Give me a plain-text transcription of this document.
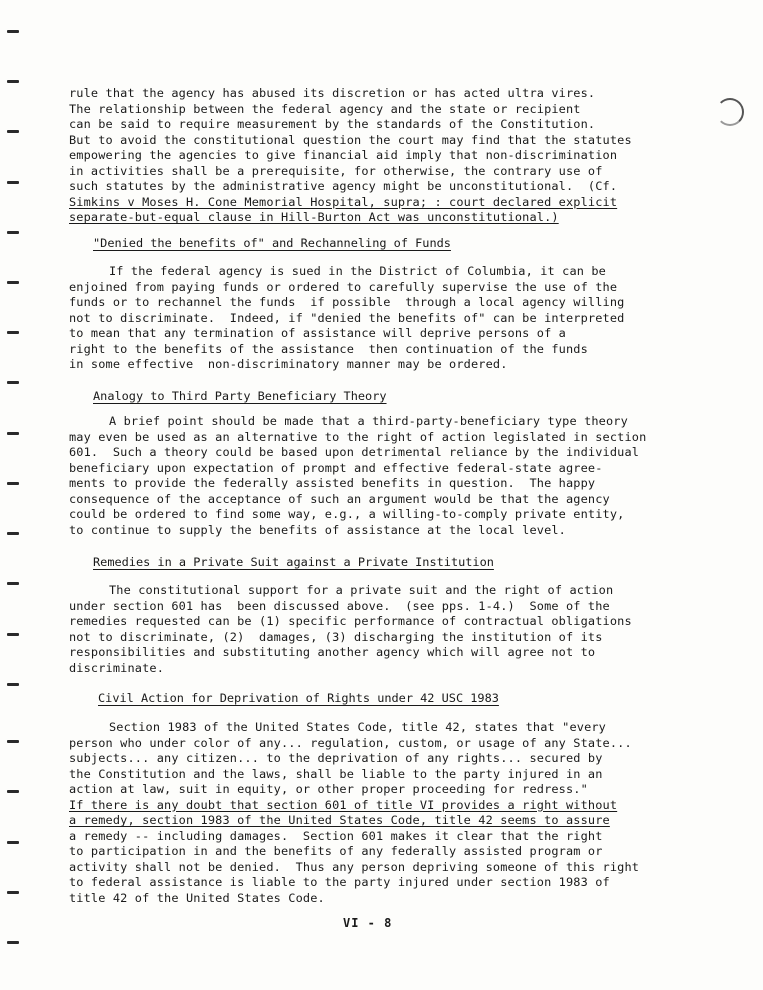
rule that the agency has abused its discretion or has acted ultra vires.

The relationship between the federal agency and the state or recipient

can be said to require measurement by the standards of the Constitution.

But to avoid the constitutional question the court may find that the statutes

empowering the agencies to give financial aid imply that non-discrimination

in activities shall be a prerequisite, for otherwise, the contrary use of

such statutes by the administrative agency might be unconstitutional.  (Cf.

Simkins v Moses H. Cone Memorial Hospital, supra; : court declared explicit

separate-but-equal clause in Hill-Burton Act was unconstitutional.)

"Denied the benefits of" and Rechanneling of Funds

If the federal agency is sued in the District of Columbia, it can be

enjoined from paying funds or ordered to carefully supervise the use of the

funds or to rechannel the funds  if possible  through a local agency willing

not to discriminate.  Indeed, if "denied the benefits of" can be interpreted

to mean that any termination of assistance will deprive persons of a

right to the benefits of the assistance  then continuation of the funds

in some effective  non-discriminatory manner may be ordered.

Analogy to Third Party Beneficiary Theory

A brief point should be made that a third-party-beneficiary type theory

may even be used as an alternative to the right of action legislated in section

601.  Such a theory could be based upon detrimental reliance by the individual

beneficiary upon expectation of prompt and effective federal-state agree-

ments to provide the federally assisted benefits in question.  The happy

consequence of the acceptance of such an argument would be that the agency

could be ordered to find some way, e.g., a willing-to-comply private entity,

to continue to supply the benefits of assistance at the local level.

Remedies in a Private Suit against a Private Institution

The constitutional support for a private suit and the right of action

under section 601 has  been discussed above.  (see pps. 1-4.)  Some of the

remedies requested can be (1) specific performance of contractual obligations

not to discriminate, (2)  damages, (3) discharging the institution of its

responsibilities and substituting another agency which will agree not to

discriminate.

Civil Action for Deprivation of Rights under 42 USC 1983

Section 1983 of the United States Code, title 42, states that "every

person who under color of any... regulation, custom, or usage of any State...

subjects... any citizen... to the deprivation of any rights... secured by

the Constitution and the laws, shall be liable to the party injured in an

action at law, suit in equity, or other proper proceeding for redress."

If there is any doubt that section 601 of title VI provides a right without

a remedy, section 1983 of the United States Code, title 42 seems to assure

a remedy -- including damages.  Section 601 makes it clear that the right

to participation in and the benefits of any federally assisted program or

activity shall not be denied.  Thus any person depriving someone of this right

to federal assistance is liable to the party injured under section 1983 of

title 42 of the United States Code.

VI - 8
